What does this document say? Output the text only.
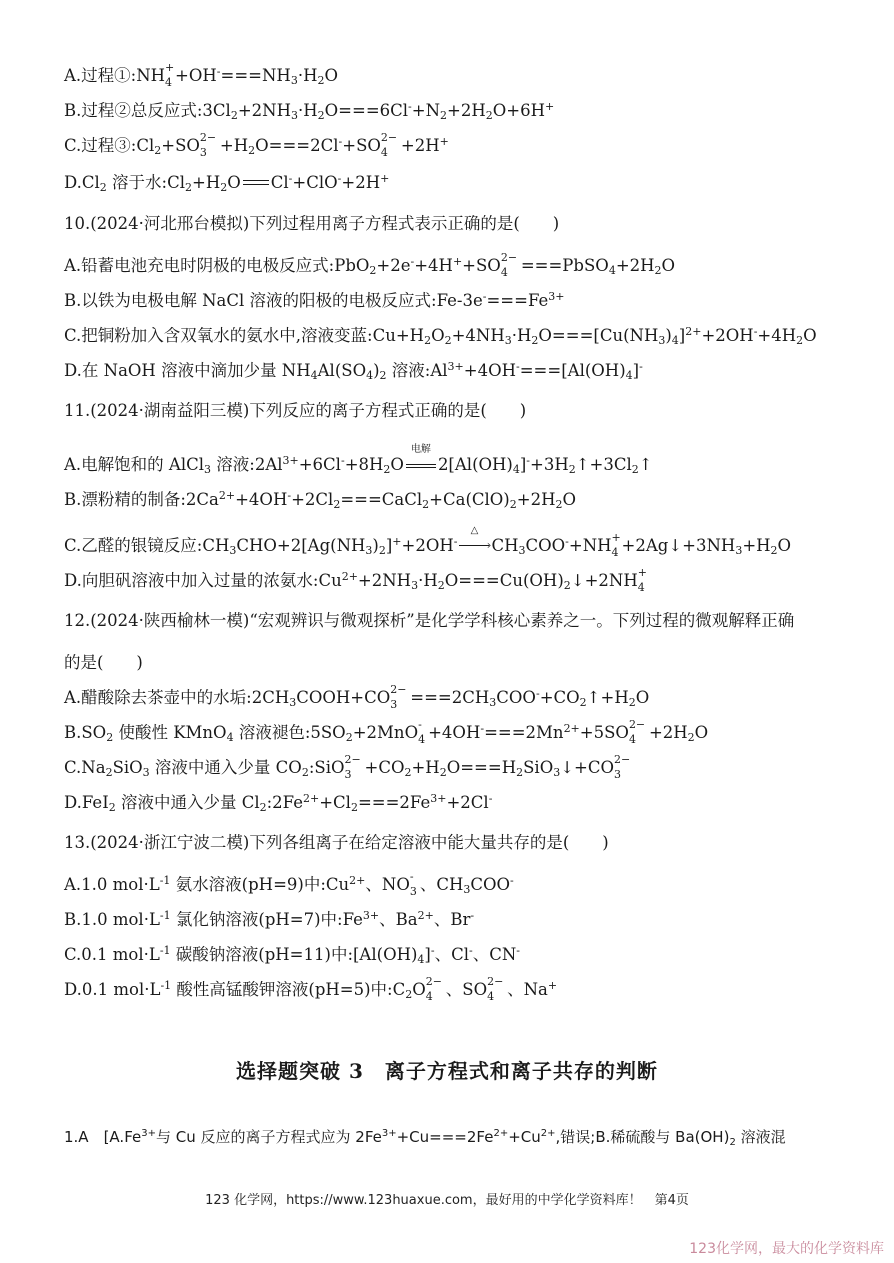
A.过程①:NH +
$4 +OH^-===NH_3\cdot H_2O$
B.过程②总反应式$:3Cl_2+2NH_3\cdot H_2O===6Cl^-+N_2+2H_2O+6H^+$
C.过程$③:Cl_2+SO$ 2−
$3 +H_2O===2Cl^-+SO$ 2−
4 +2H+
$D.Cl_2$ 溶于水$:Cl_2+H_2O$ Cl-+ClO-+2H+
10.(2024·河北邢台模拟)下列过程用离子方程式表示正确的是(　　)
A.铅蓄电池充电时阴极的电极反应式:PbO$_2$+2e-+4H++SO 2−
$4 ===PbSO_4+2H_2O$
B.以铁为电极电解 NaCl 溶液的阳极的电极反应式$:Fe-3e^-===Fe^{3+}$
C.把铜粉加入含双氧水的氨水中,溶液变蓝$:Cu+H_2O_2+4NH_3\cdot H_2O===[Cu(NH_3)_4]^{2+}+2OH^-+4H_2O$
D.在 NaOH 溶液中滴加少量 $NH_4Al(SO_4)_2$ 溶液$:Al^{3+}+4OH^-===[Al(OH)_4]^-$
11.(2024·湖南益阳三模)下列反应的离子方程式正确的是(　　)
A.电解饱和的 AlCl$_3$ 溶液$:2Al^{3+}+6Cl^-+8H_2O$
电解
$2[Al(OH)_4]^-+3H_2↑+3Cl_2↑$
B.漂粉精的制备$:2Ca^{2+}+4OH^-+2Cl_2===CaCl_2+Ca(ClO)_2+2H_2O$
C.乙醛的银镜反应$:CH_3CHO+2[Ag(NH_3)_2]^++2OH^-$
△
› $CH_3COO^-+NH$ +
$4 +2Ag↓+3NH_3+H_2O$
D.向胆矾溶液中加入过量的浓氨水$:Cu^{2+}+2NH_3\cdot H_2O===Cu(OH)_2↓+2NH$ +
4
12.(2024·陕西榆林一模)“宏观辨识与微观探析”是化学学科核心素养之一。下列过程的微观解释正确
的是(　　)
A.醋酸除去茶壶中的水垢$:2CH_3COOH+CO$ 2−
$3 ===2CH_3COO^-+CO_2↑+H_2O$
$B.SO_2$ 使酸性 KMnO$_4$ 溶液褪色$:5SO_2+2MnO$ -
$4 +4OH^-===2Mn^{2+}+5SO$ 2−
$4 +2H_2O$
$C.Na_2SiO_3$ 溶液中通入少量 $CO_2:SiO$ 2−
$3 +CO_2+H_2O===H_2SiO_3↓+CO$ 2−
3
D.FeI$_2$ 溶液中通入少量 $Cl_2:2Fe^{2+}+Cl_2===2Fe^{3+}+2Cl^-$
13.(2024·浙江宁波二模)下列各组离子在给定溶液中能大量共存的是(　　)
A.1.0 $mol\cdot L^{-1}$ 氨水溶液(pH=9)中$:Cu^{2+}$、NO -
3 、$CH_3COO^-$
B.1.0 $mol\cdot L^{-1}$ 氯化钠溶液(pH=7)中$:Fe^{3+}$、$Ba^{2+}$、Br-
C.0.1 $mol\cdot L^{-1}$ 碳酸钠溶液(pH=11)中$:[Al(OH)_4]^-$、Cl-、CN-
D.0.1 $mol\cdot L^{-1}$ 酸性高锰酸钾溶液(pH=5)中$:C_2O$ 2−
4 、SO 2−
4 、Na+
选择题突破 3　离子方程式和离子共存的判断
1.A　[$A.Fe^{3+}$与 Cu 反应的离子方程式应为 $2Fe^{3+}+Cu===2Fe^{2+}+Cu^{2+}$,错误;B.稀硫酸与 $Ba(OH)_2$ 溶液混
123 化学网，https://www.123huaxue.com，最好用的中学化学资料库！　第4页
123化学网，最大的化学资料库
